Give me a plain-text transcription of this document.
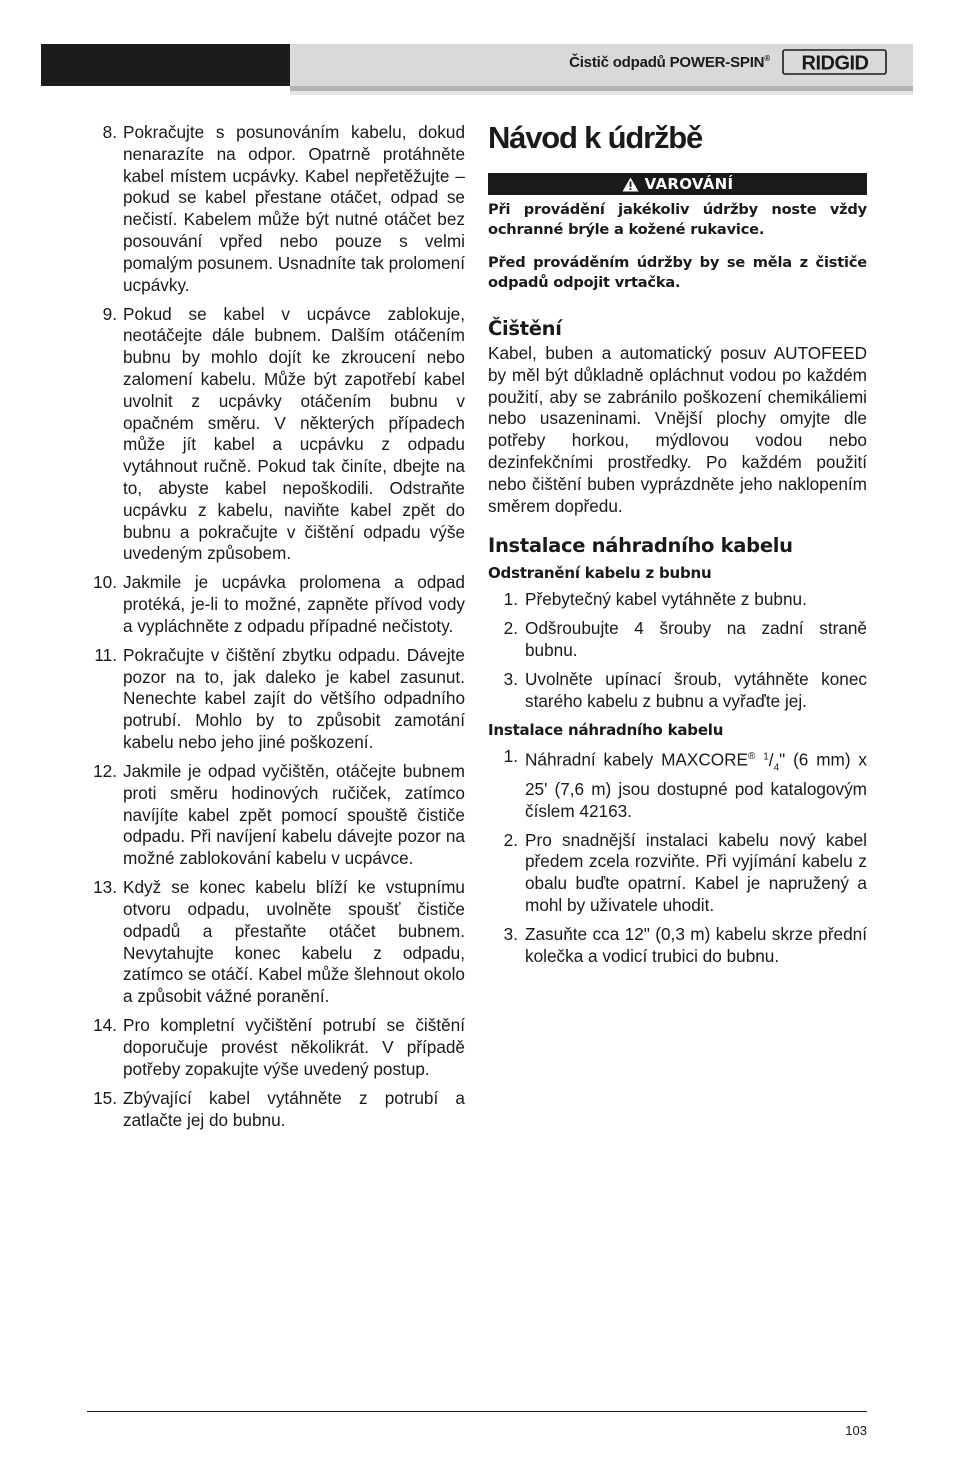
Čistič odpadů POWER-SPIN® RIDGID
8. Pokračujte s posunováním kabelu, dokud nenarazíte na odpor. Opatrně protáhněte kabel místem ucpávky. Kabel nepřetěžujte – pokud se kabel přestane otáčet, odpad se nečistí. Kabelem může být nutné otáčet bez posouvání vpřed nebo pouze s velmi pomalým posunem. Usnadníte tak prolomení ucpávky.
9. Pokud se kabel v ucpávce zablokuje, neotáčejte dále bubnem. Dalším otáčením bubnu by mohlo dojít ke zkroucení nebo zalomení kabelu. Může být zapotřebí kabel uvolnit z ucpávky otáčením bubnu v opačném směru. V některých případech může jít kabel a ucpávku z odpadu vytáhnout ručně. Pokud tak činíte, dbejte na to, abyste kabel nepoškodili. Odstraňte ucpávku z kabelu, naviňte kabel zpět do bubnu a pokračujte v čištění odpadu výše uvedeným způsobem.
10. Jakmile je ucpávka prolomena a odpad protéká, je-li to možné, zapněte přívod vody a vypláchněte z odpadu případné nečistoty.
11. Pokračujte v čištění zbytku odpadu. Dávejte pozor na to, jak daleko je kabel zasunut. Nenechte kabel zajít do většího odpadního potrubí. Mohlo by to způsobit zamotání kabelu nebo jeho jiné poškození.
12. Jakmile je odpad vyčištěn, otáčejte bubnem proti směru hodinových ručiček, zatímco navíjíte kabel zpět pomocí spouště čističe odpadu. Při navíjení kabelu dávejte pozor na možné zablokování kabelu v ucpávce.
13. Když se konec kabelu blíží ke vstupnímu otvoru odpadu, uvolněte spoušť čističe odpadů a přestaňte otáčet bubnem. Nevytahujte konec kabelu z odpadu, zatímco se otáčí. Kabel může šlehnout okolo a způsobit vážné poranění.
14. Pro kompletní vyčištění potrubí se čištění doporučuje provést několikrát. V případě potřeby zopakujte výše uvedený postup.
15. Zbývající kabel vytáhněte z potrubí a zatlačte jej do bubnu.
Návod k údržbě
VAROVÁNÍ

Při provádění jakékoliv údržby noste vždy ochranné brýle a kožené rukavice.

Před prováděním údržby by se měla z čističe odpadů odpojit vrtačka.

Čištění

Kabel, buben a automatický posuv AUTOFEED by měl být důkladně opláchnut vodou po každém použití, aby se zabránilo poškození chemikáliemi nebo usazeninami. Vnější plochy omyjte dle potřeby horkou, mýdlovou vodou nebo dezinfekčními prostředky. Po každém použití nebo čištění buben vyprázdněte jeho naklopením směrem dopředu.

Instalace náhradního kabelu
Odstranění kabelu z bubnu
1. Přebytečný kabel vytáhněte z bubnu.
2. Odšroubujte 4 šrouby na zadní straně bubnu.
3. Uvolněte upínací šroub, vytáhněte konec starého kabelu z bubnu a vyřaďte jej.
Instalace náhradního kabelu
1. Náhradní kabely MAXCORE® $^1/_4$" (6 mm) x 25' (7,6 m) jsou dostupné pod katalogovým číslem 42163.
2. Pro snadnější instalaci kabelu nový kabel předem zcela rozviňte. Při vyjímání kabelu z obalu buďte opatrní. Kabel je napružený a mohl by uživatele uhodit.
3. Zasuňte cca 12" (0,3 m) kabelu skrze přední kolečka a vodicí trubici do bubnu.
103
